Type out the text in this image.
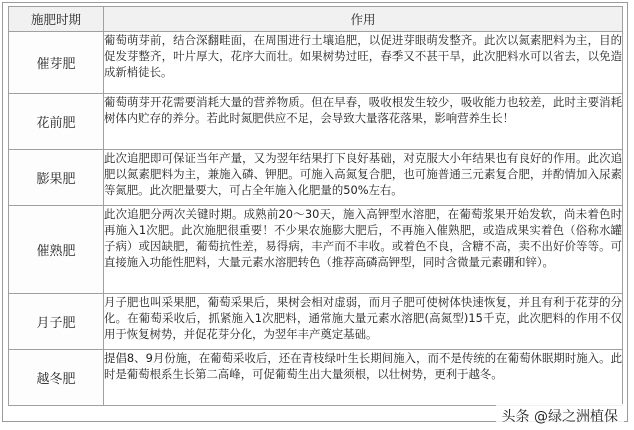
施肥时期	作用
催芽肥	葡萄萌芽前，结合深翻畦面，在周围进行土壤追肥，以促进芽眼萌发整齐。此次以氮素肥料为主，目的促发芽整齐，叶片厚大，花序大而壮。如果树势过旺，春季又不甚干旱，此次肥料水可以省去，以免造成新梢徒长。
花前肥	葡萄萌芽开花需要消耗大量的营养物质。但在早春，吸收根发生较少，吸收能力也较差，此时主要消耗树体内贮存的养分。若此时氮肥供应不足，会导致大量落花落果，影响营养生长！
膨果肥	此次追肥即可保证当年产量，又为翌年结果打下良好基础，对克服大小年结果也有良好的作用。此次追肥以氮素肥料为主，兼施入磷、钾肥。可施入高氮复合肥，也可施普通三元素复合肥，并酌情加入尿素等氮肥。此次肥量要大，可占全年施入化肥量的50%左右。
催熟肥	此次追肥分两次关键时期。成熟前20～30天，施入高钾型水溶肥，在葡萄浆果开始发软，尚未着色时再施入1次肥。此次施肥很重要！不少果农施膨大肥后，不再施入催熟肥，或造成果实着色（俗称水罐子病）或因缺肥，葡萄抗性差，易得病，丰产而不丰收。或着色不良，含糖不高，卖不出好价等等。可直接施入功能性肥料，大量元素水溶肥转色（推荐高磷高钾型，同时含微量元素硼和锌）。
月子肥	月子肥也叫采果肥，葡萄采果后，果树会相对虚弱，而月子肥可使树体快速恢复，并且有利于花芽的分化。在葡萄采收后，抓紧施入1次肥料，通常施大量元素水溶肥(高氮型)15千克，此次肥料的作用不仅用于恢复树势，并促花芽分化，为翌年丰产奠定基础。
越冬肥	提倡8、9月份施，在葡萄采收后，还在青枝绿叶生长期间施入，而不是传统的在葡萄休眠期时施入。此时是葡萄根系生长第二高峰，可促葡萄生出大量须根，以壮树势，更利于越冬。
头条 @绿之洲植保
